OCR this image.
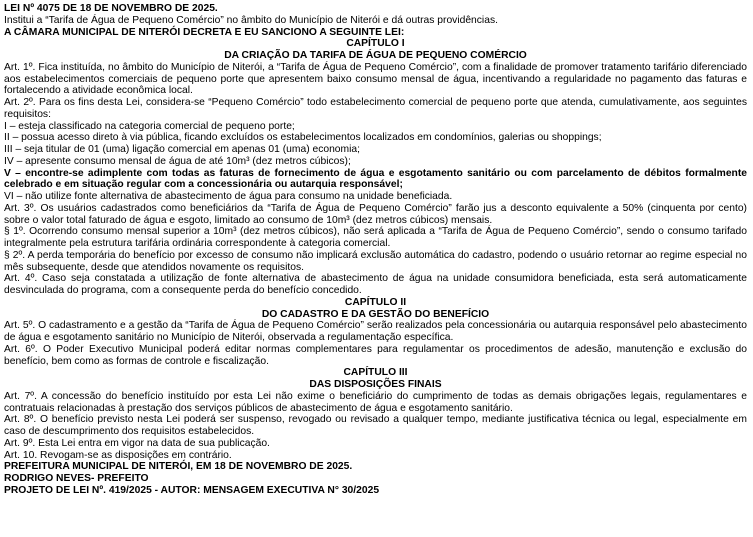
LEI Nº 4075 DE 18 DE NOVEMBRO DE 2025.
Institui a “Tarifa de Água de Pequeno Comércio” no âmbito do Município de Niterói e dá outras providências.
A CÂMARA MUNICIPAL DE NITERÓI DECRETA E EU SANCIONO A SEGUINTE LEI:
CAPÍTULO I
DA CRIAÇÃO DA TARIFA DE ÁGUA DE PEQUENO COMÉRCIO
Art. 1º. Fica instituída, no âmbito do Município de Niterói, a “Tarifa de Água de Pequeno Comércio”, com a finalidade de promover tratamento tarifário diferenciado aos estabelecimentos comerciais de pequeno porte que apresentem baixo consumo mensal de água, incentivando a regularidade no pagamento das faturas e fortalecendo a atividade econômica local.
Art. 2º. Para os fins desta Lei, considera-se “Pequeno Comércio” todo estabelecimento comercial de pequeno porte que atenda, cumulativamente, aos seguintes requisitos:
I – esteja classificado na categoria comercial de pequeno porte;
II – possua acesso direto à via pública, ficando excluídos os estabelecimentos localizados em condomínios, galerias ou shoppings;
III – seja titular de 01 (uma) ligação comercial em apenas 01 (uma) economia;
IV – apresente consumo mensal de água de até 10m³ (dez metros cúbicos);
V – encontre-se adimplente com todas as faturas de fornecimento de água e esgotamento sanitário ou com parcelamento de débitos formalmente celebrado e em situação regular com a concessionária ou autarquia responsável;
VI – não utilize fonte alternativa de abastecimento de água para consumo na unidade beneficiada.
Art. 3º. Os usuários cadastrados como beneficiários da “Tarifa de Água de Pequeno Comércio” farão jus a desconto equivalente a 50% (cinquenta por cento) sobre o valor total faturado de água e esgoto, limitado ao consumo de 10m³ (dez metros cúbicos) mensais.
§ 1º. Ocorrendo consumo mensal superior a 10m³ (dez metros cúbicos), não será aplicada a “Tarifa de Água de Pequeno Comércio”, sendo o consumo tarifado integralmente pela estrutura tarifária ordinária correspondente à categoria comercial.
§ 2º. A perda temporária do benefício por excesso de consumo não implicará exclusão automática do cadastro, podendo o usuário retornar ao regime especial no mês subsequente, desde que atendidos novamente os requisitos.
Art. 4º. Caso seja constatada a utilização de fonte alternativa de abastecimento de água na unidade consumidora beneficiada, esta será automaticamente desvinculada do programa, com a consequente perda do benefício concedido.
CAPÍTULO II
DO CADASTRO E DA GESTÃO DO BENEFÍCIO
Art. 5º. O cadastramento e a gestão da “Tarifa de Água de Pequeno Comércio” serão realizados pela concessionária ou autarquia responsável pelo abastecimento de água e esgotamento sanitário no Município de Niterói, observada a regulamentação específica.
Art. 6º. O Poder Executivo Municipal poderá editar normas complementares para regulamentar os procedimentos de adesão, manutenção e exclusão do benefício, bem como as formas de controle e fiscalização.
CAPÍTULO III
DAS DISPOSIÇÕES FINAIS
Art. 7º. A concessão do benefício instituído por esta Lei não exime o beneficiário do cumprimento de todas as demais obrigações legais, regulamentares e contratuais relacionadas à prestação dos serviços públicos de abastecimento de água e esgotamento sanitário.
Art. 8º. O benefício previsto nesta Lei poderá ser suspenso, revogado ou revisado a qualquer tempo, mediante justificativa técnica ou legal, especialmente em caso de descumprimento dos requisitos estabelecidos.
Art. 9º. Esta Lei entra em vigor na data de sua publicação.
Art. 10. Revogam-se as disposições em contrário.
PREFEITURA MUNICIPAL DE NITERÓI, EM 18 DE NOVEMBRO DE 2025.
RODRIGO NEVES- PREFEITO
PROJETO DE LEI Nº. 419/2025 - AUTOR: MENSAGEM EXECUTIVA N° 30/2025
